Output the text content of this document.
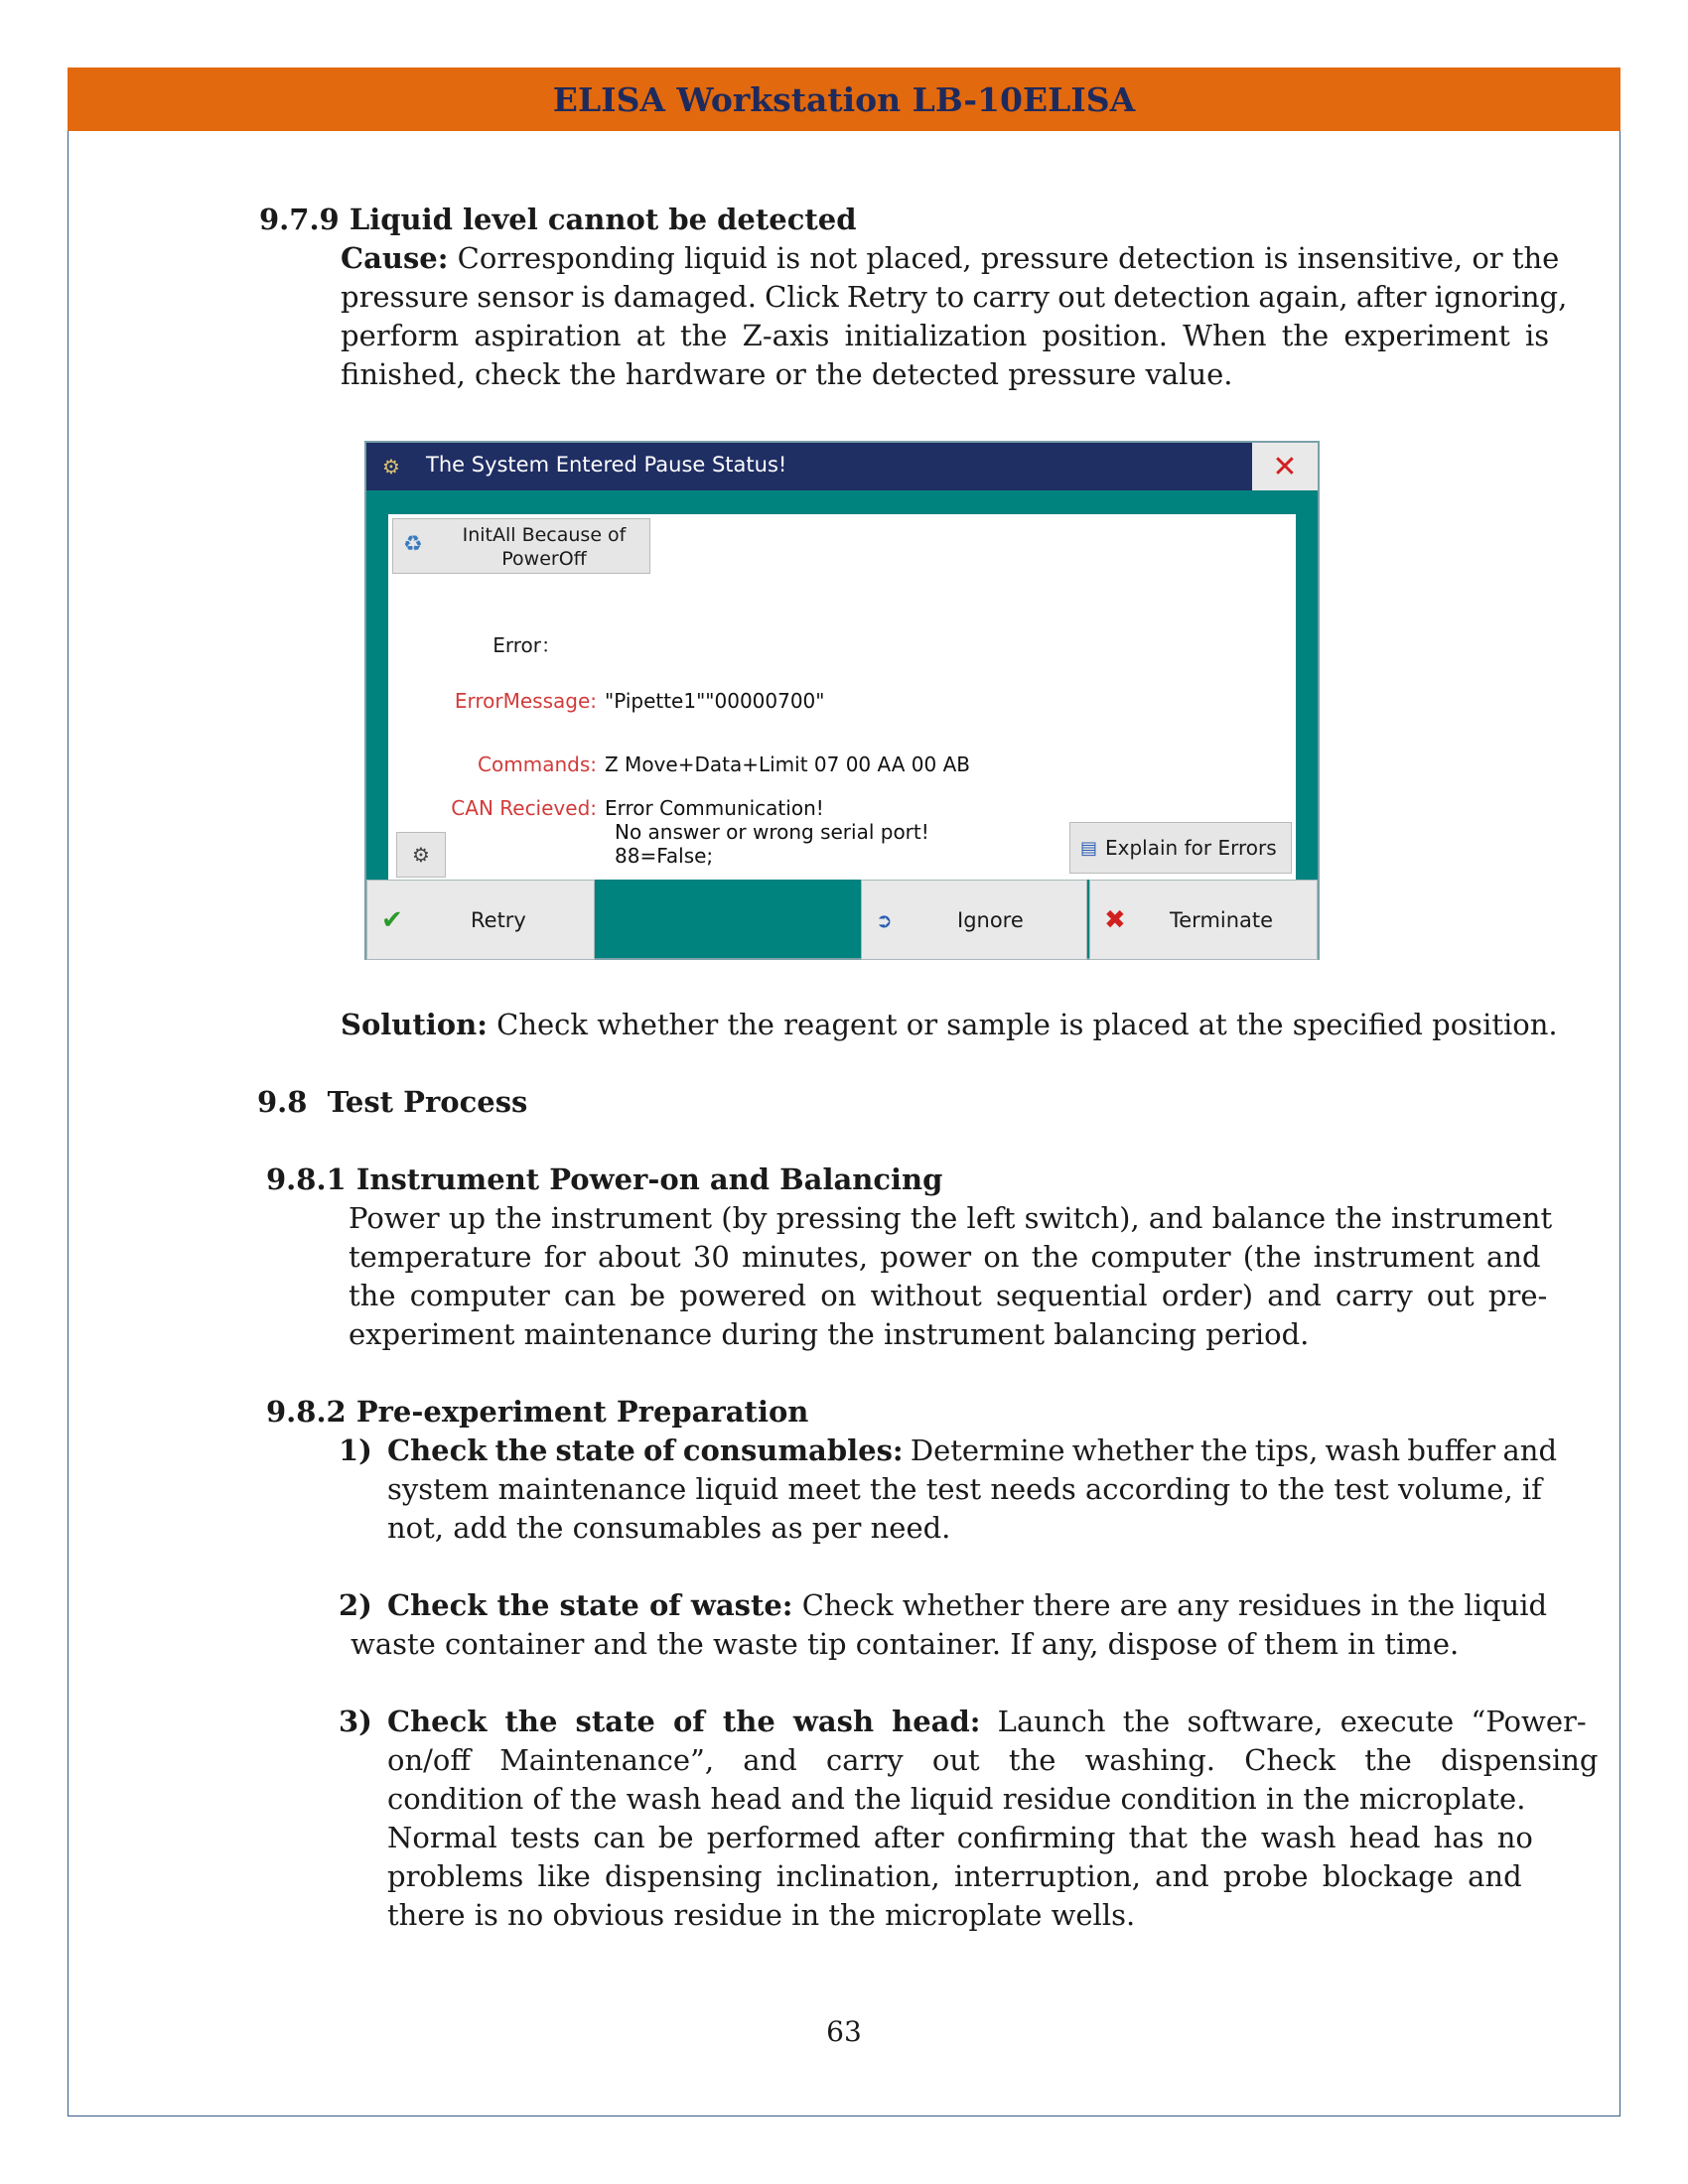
ELISA Workstation LB-10ELISA
9.7.9 Liquid level cannot be detected
Cause: Corresponding liquid is not placed, pressure detection is insensitive, or the
pressure sensor is damaged. Click Retry to carry out detection again, after ignoring,
perform aspiration at the Z-axis initialization position. When the experiment is
finished, check the hardware or the detected pressure value.
⚙ The System Entered Pause Status!	✕
♻	InitAll Because of PowerOff
Error：
ErrorMessage: "Pipette1""00000700"
Commands: Z Move+Data+Limit 07 00 AA 00 AB
CAN Recieved: Error Communication!
No answer or wrong serial port!
88=False;
⚙	▤ Explain for Errors
✔	Retry	➲	Ignore	✖ Terminate
Solution: Check whether the reagent or sample is placed at the specified position.
9.8  Test Process
9.8.1 Instrument Power-on and Balancing
Power up the instrument (by pressing the left switch), and balance the instrument
temperature for about 30 minutes, power on the computer (the instrument and
the computer can be powered on without sequential order) and carry out pre-
experiment maintenance during the instrument balancing period.
9.8.2 Pre-experiment Preparation
1) Check the state of consumables: Determine whether the tips, wash buffer and
system maintenance liquid meet the test needs according to the test volume, if
not, add the consumables as per need.
2) Check the state of waste: Check whether there are any residues in the liquid
waste container and the waste tip container. If any, dispose of them in time.
3) Check the state of the wash head: Launch the software, execute “Power-
on/off Maintenance”, and carry out the washing. Check the dispensing
condition of the wash head and the liquid residue condition in the microplate.
Normal tests can be performed after confirming that the wash head has no
problems like dispensing inclination, interruption, and probe blockage and
there is no obvious residue in the microplate wells.
63
